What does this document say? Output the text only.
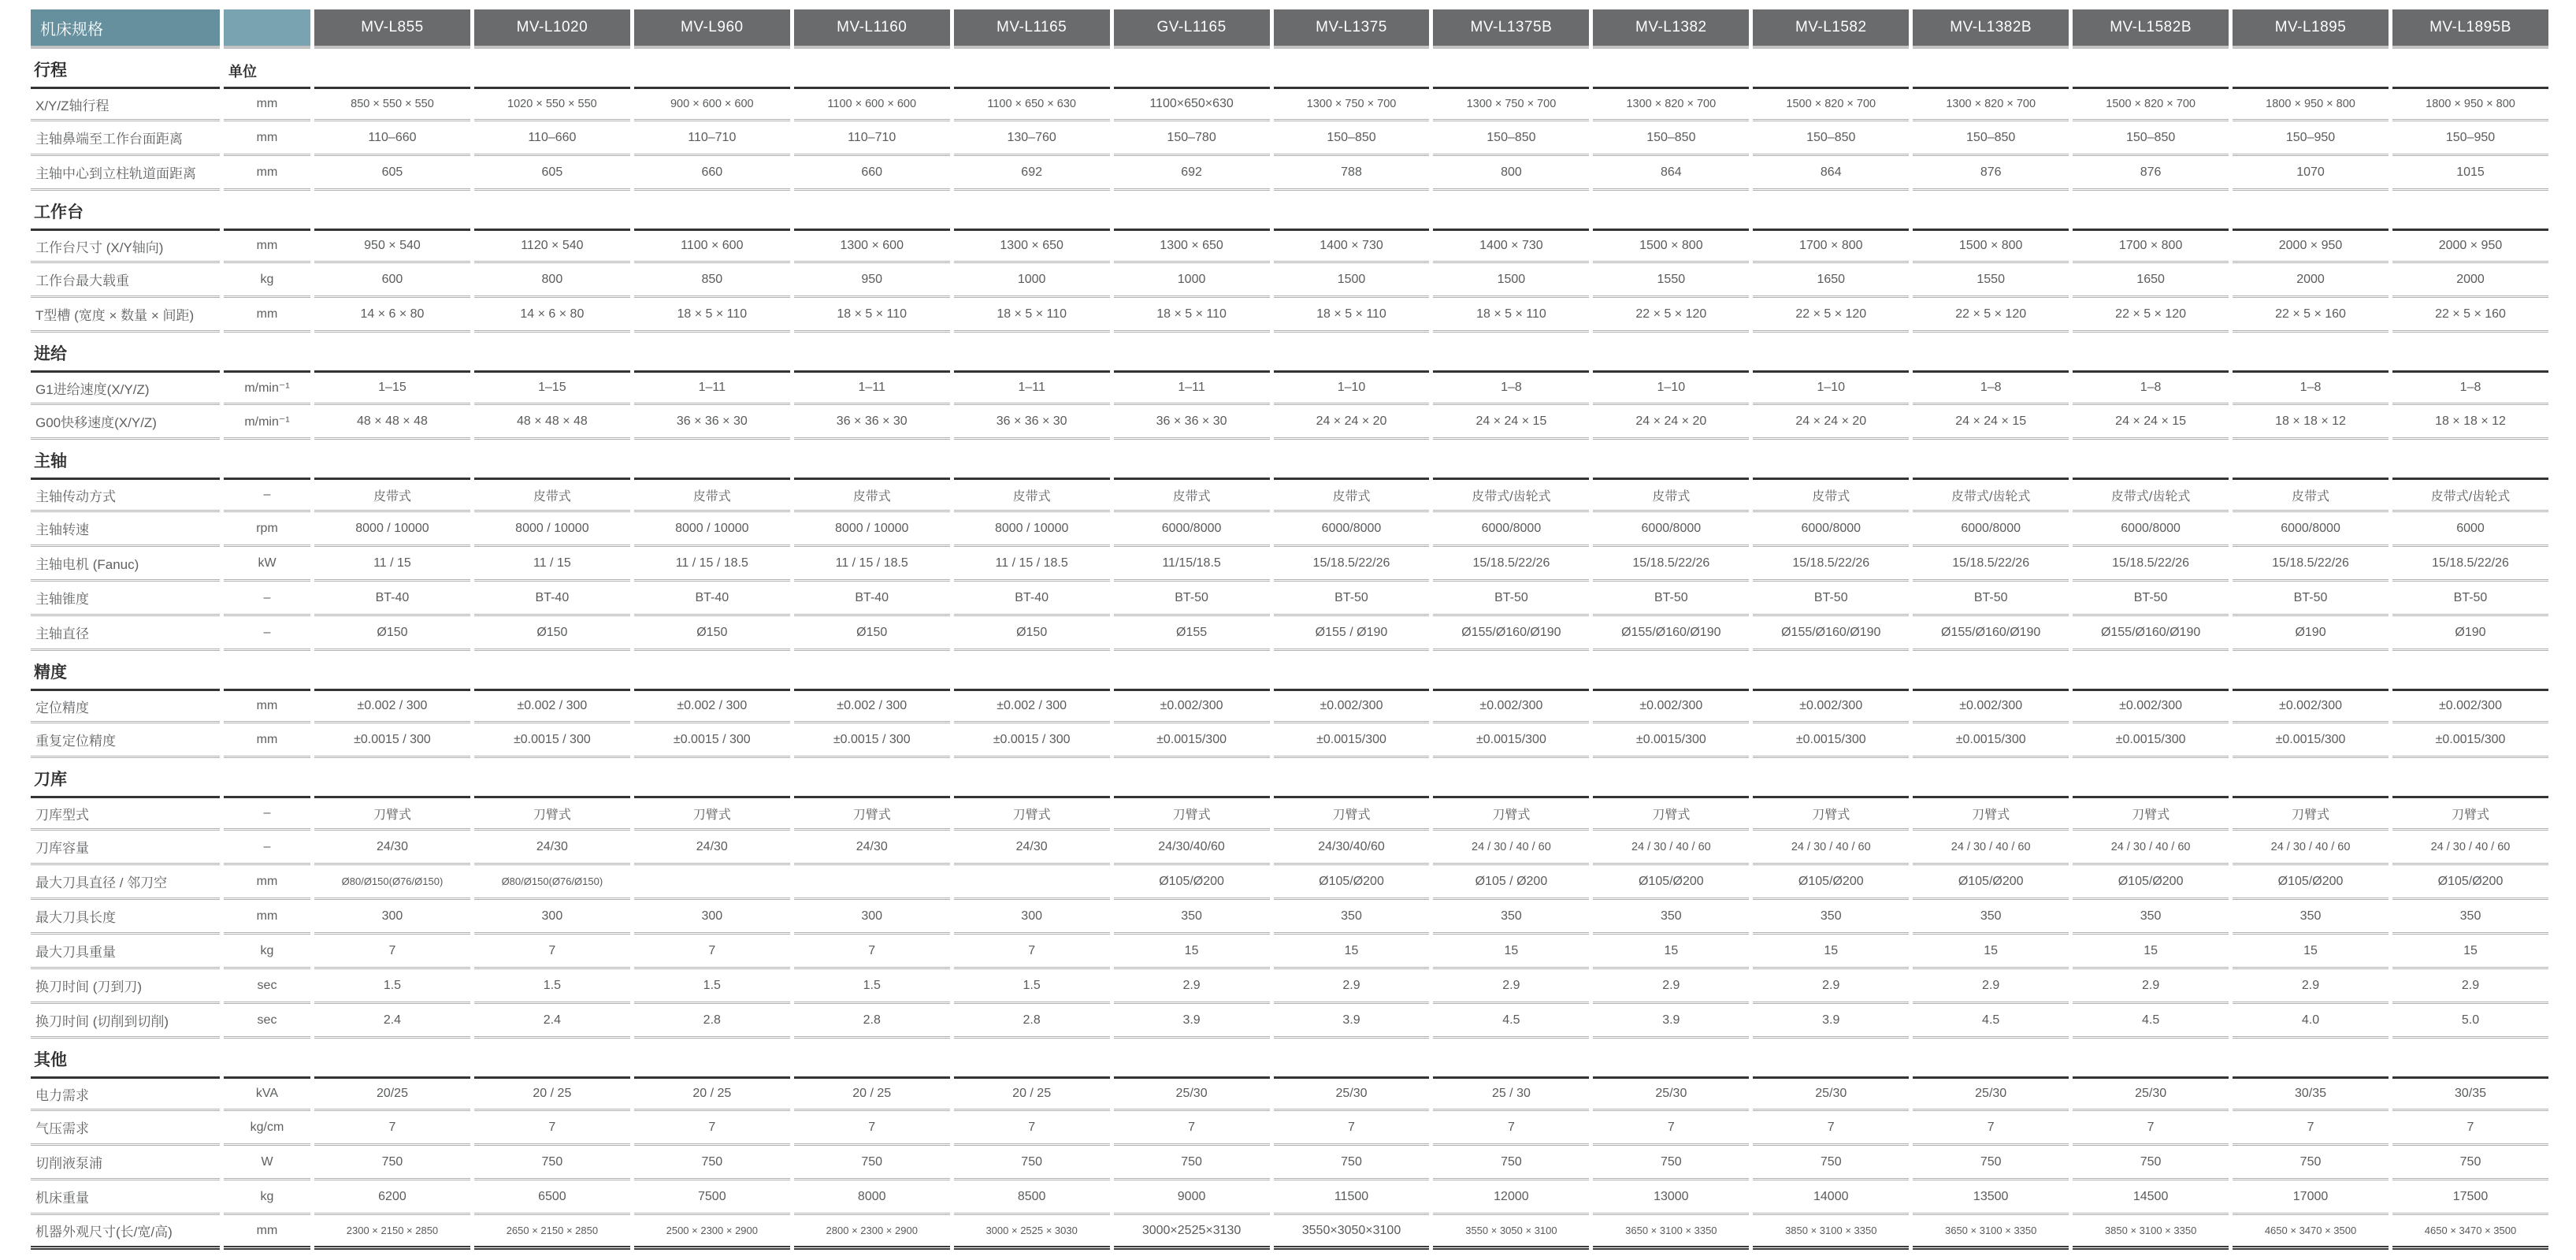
机床规格		MV-L855	MV-L1020	MV-L960	MV-L1160	MV-L1165	GV-L1165	MV-L1375	MV-L1375B	MV-L1382	MV-L1582	MV-L1382B	MV-L1582B	MV-L1895	MV-L1895B
行程	单位														
X/Y/Z轴行程	mm	850 × 550 × 550	1020 × 550 × 550	900 × 600 × 600	1100 × 600 × 600	1100 × 650 × 630	1100×650×630	1300 × 750 × 700	1300 × 750 × 700	1300 × 820 × 700	1500 × 820 × 700	1300 × 820 × 700	1500 × 820 × 700	1800 × 950 × 800	1800 × 950 × 800
主轴鼻端至工作台面距离	mm	110–660	110–660	110–710	110–710	130–760	150–780	150–850	150–850	150–850	150–850	150–850	150–850	150–950	150–950
主轴中心到立柱轨道面距离	mm	605	605	660	660	692	692	788	800	864	864	876	876	1070	1015
工作台															
工作台尺寸 (X/Y轴向)	mm	950 × 540	1120 × 540	1100 × 600	1300 × 600	1300 × 650	1300 × 650	1400 × 730	1400 × 730	1500 × 800	1700 × 800	1500 × 800	1700 × 800	2000 × 950	2000 × 950
工作台最大载重	kg	600	800	850	950	1000	1000	1500	1500	1550	1650	1550	1650	2000	2000
T型槽 (宽度 × 数量 × 间距)	mm	14 × 6 × 80	14 × 6 × 80	18 × 5 × 110	18 × 5 × 110	18 × 5 × 110	18 × 5 × 110	18 × 5 × 110	18 × 5 × 110	22 × 5 × 120	22 × 5 × 120	22 × 5 × 120	22 × 5 × 120	22 × 5 × 160	22 × 5 × 160
进给															
G1进给速度(X/Y/Z)	m/min⁻¹	1–15	1–15	1–11	1–11	1–11	1–11	1–10	1–8	1–10	1–10	1–8	1–8	1–8	1–8
G00快移速度(X/Y/Z)	m/min⁻¹	48 × 48 × 48	48 × 48 × 48	36 × 36 × 30	36 × 36 × 30	36 × 36 × 30	36 × 36 × 30	24 × 24 × 20	24 × 24 × 15	24 × 24 × 20	24 × 24 × 20	24 × 24 × 15	24 × 24 × 15	18 × 18 × 12	18 × 18 × 12
主轴															
主轴传动方式	–	皮带式	皮带式	皮带式	皮带式	皮带式	皮带式	皮带式	皮带式/齿轮式	皮带式	皮带式	皮带式/齿轮式	皮带式/齿轮式	皮带式	皮带式/齿轮式
主轴转速	rpm	8000 / 10000	8000 / 10000	8000 / 10000	8000 / 10000	8000 / 10000	6000/8000	6000/8000	6000/8000	6000/8000	6000/8000	6000/8000	6000/8000	6000/8000	6000
主轴电机 (Fanuc)	kW	11 / 15	11 / 15	11 / 15 / 18.5	11 / 15 / 18.5	11 / 15 / 18.5	11/15/18.5	15/18.5/22/26	15/18.5/22/26	15/18.5/22/26	15/18.5/22/26	15/18.5/22/26	15/18.5/22/26	15/18.5/22/26	15/18.5/22/26
主轴锥度	–	BT-40	BT-40	BT-40	BT-40	BT-40	BT-50	BT-50	BT-50	BT-50	BT-50	BT-50	BT-50	BT-50	BT-50
主轴直径	–	Ø150	Ø150	Ø150	Ø150	Ø150	Ø155	Ø155 / Ø190	Ø155/Ø160/Ø190	Ø155/Ø160/Ø190	Ø155/Ø160/Ø190	Ø155/Ø160/Ø190	Ø155/Ø160/Ø190	Ø190	Ø190
精度															
定位精度	mm	±0.002 / 300	±0.002 / 300	±0.002 / 300	±0.002 / 300	±0.002 / 300	±0.002/300	±0.002/300	±0.002/300	±0.002/300	±0.002/300	±0.002/300	±0.002/300	±0.002/300	±0.002/300
重复定位精度	mm	±0.0015 / 300	±0.0015 / 300	±0.0015 / 300	±0.0015 / 300	±0.0015 / 300	±0.0015/300	±0.0015/300	±0.0015/300	±0.0015/300	±0.0015/300	±0.0015/300	±0.0015/300	±0.0015/300	±0.0015/300
刀库															
刀库型式	–	刀臂式	刀臂式	刀臂式	刀臂式	刀臂式	刀臂式	刀臂式	刀臂式	刀臂式	刀臂式	刀臂式	刀臂式	刀臂式	刀臂式
刀库容量	–	24/30	24/30	24/30	24/30	24/30	24/30/40/60	24/30/40/60	24 / 30 / 40 / 60	24 / 30 / 40 / 60	24 / 30 / 40 / 60	24 / 30 / 40 / 60	24 / 30 / 40 / 60	24 / 30 / 40 / 60	24 / 30 / 40 / 60
最大刀具直径 / 邻刀空	mm	Ø80/Ø150(Ø76/Ø150)	Ø80/Ø150(Ø76/Ø150)				Ø105/Ø200	Ø105/Ø200	Ø105 / Ø200	Ø105/Ø200	Ø105/Ø200	Ø105/Ø200	Ø105/Ø200	Ø105/Ø200	Ø105/Ø200
最大刀具长度	mm	300	300	300	300	300	350	350	350	350	350	350	350	350	350
最大刀具重量	kg	7	7	7	7	7	15	15	15	15	15	15	15	15	15
换刀时间 (刀到刀)	sec	1.5	1.5	1.5	1.5	1.5	2.9	2.9	2.9	2.9	2.9	2.9	2.9	2.9	2.9
换刀时间 (切削到切削)	sec	2.4	2.4	2.8	2.8	2.8	3.9	3.9	4.5	3.9	3.9	4.5	4.5	4.0	5.0
其他															
电力需求	kVA	20/25	20 / 25	20 / 25	20 / 25	20 / 25	25/30	25/30	25 / 30	25/30	25/30	25/30	25/30	30/35	30/35
气压需求	kg/cm	7	7	7	7	7	7	7	7	7	7	7	7	7	7
切削液泵浦	W	750	750	750	750	750	750	750	750	750	750	750	750	750	750
机床重量	kg	6200	6500	7500	8000	8500	9000	11500	12000	13000	14000	13500	14500	17000	17500
机器外观尺寸(长/宽/高)	mm	2300 × 2150 × 2850	2650 × 2150 × 2850	2500 × 2300 × 2900	2800 × 2300 × 2900	3000 × 2525 × 3030	3000×2525×3130	3550×3050×3100	3550 × 3050 × 3100	3650 × 3100 × 3350	3850 × 3100 × 3350	3650 × 3100 × 3350	3850 × 3100 × 3350	4650 × 3470 × 3500	4650 × 3470 × 3500
